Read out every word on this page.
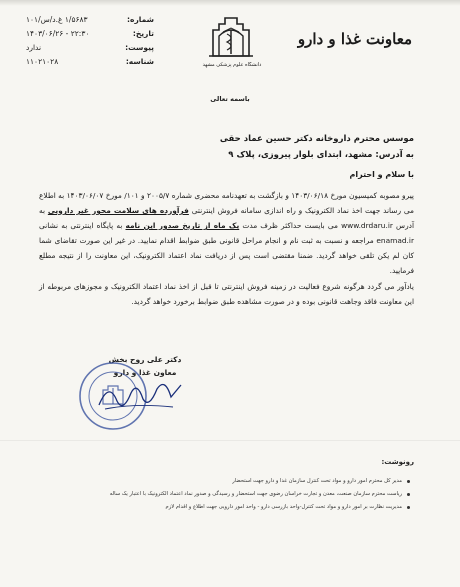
معاونت غذا و دارو
دانشگاه علوم پزشکی مشهد
شماره:
۱/۵۶۸۳ غ.د/س/۱۰۱
تاریخ:
۱۴۰۳/۰۶/۲۶ - ۲۲:۳۰
پیوست:
ندارد
شناسه:
۱۱۰۲۱۰۲۸
باسمه تعالی
موسس محترم داروخانه دکتر حسین عماد حقی
به آدرس: مشهد، ابتدای بلوار پیروزی، پلاک ۹
با سلام و احترام
پیرو مصوبه کمیسیون مورخ ۱۴۰۳/۰۶/۱۸ و بازگشت به تعهدنامه محضری شماره ۲۰۰۵/۷ و ۱۰۱/ مورخ ۱۴۰۳/۰۶/۰۷ به اطلاع می رساند جهت اخذ نماد الکترونیک و راه اندازی سامانه فروش اینترنتی فرآورده های سلامت محور غیر دارویی به آدرس www.drdaru.ir می بایست حداکثر ظرف مدت یک ماه از تاریخ صدور این نامه به پایگاه اینترنتی به نشانی enamad.ir مراجعه و نسبت به ثبت نام و انجام مراحل قانونی طبق ضوابط اقدام نمایید. در غیر این صورت تقاضای شما کان لم یکن تلقی خواهد گردید. ضمنا مقتضی است پس از دریافت نماد اعتماد الکترونیک، این معاونت را از نتیجه مطلع فرمایید.
یادآور می گردد هرگونه شروع فعالیت در زمینه فروش اینترنتی تا قبل از اخذ نماد اعتماد الکترونیک و مجوزهای مربوطه از این معاونت فاقد وجاهت قانونی بوده و در صورت مشاهده طبق ضوابط برخورد خواهد گردید.
دکتر علی روح بخش
معاون غذا و دارو
رونوشت:
مدیر کل محترم امور دارو و مواد تحت کنترل سازمان غذا و دارو جهت استحضار
ریاست محترم سازمان صنعت، معدن و تجارت خراسان رضوی جهت استحضار و رسیدگی و صدور نماد اعتماد الکترونیک با اعتبار یک ساله
مدیریت نظارت بر امور دارو و مواد تحت کنترل-واحد بازرسی دارو - واحد امور دارویی جهت اطلاع و اقدام لازم
